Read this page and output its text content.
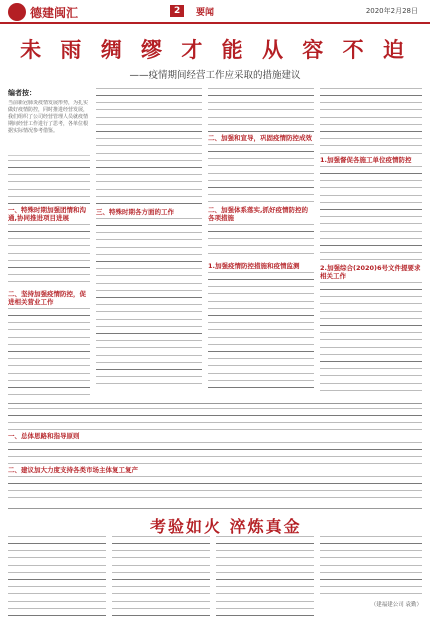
德建闽汇	2	要闻	2020年2月28日
未 雨 绸 缪 才 能 从 容 不 迫
——疫情期间经营工作应采取的措施建议
编者按：
当前新冠肺炎疫情发展形势，为扎实做好疫情防控，同时推进经营发展，我们组织了公司经营管理人员就疫情期间经营工作进行了思考，各单位根据实际情况参考借鉴。
一、特殊时期加强团情和沟通,协同推进项目进展
二、坚持加强疫情防控，促进相关营业工作
三、特殊时期各方面的工作
二、加强和宣导，巩固疫情防控成效
二、加强体系落实,抓好疫情防控的各项措施
1.加强疫情防控措施和疫情监测
1.加强督促各施工单位疫情防控
2.加强综合(2020)6号文件提要求相关工作
一、总体思路和指导原则
二、建议加大力度支持各类市场主体复工复产
考验如火 淬炼真金
（建福建公司 袁勤）
